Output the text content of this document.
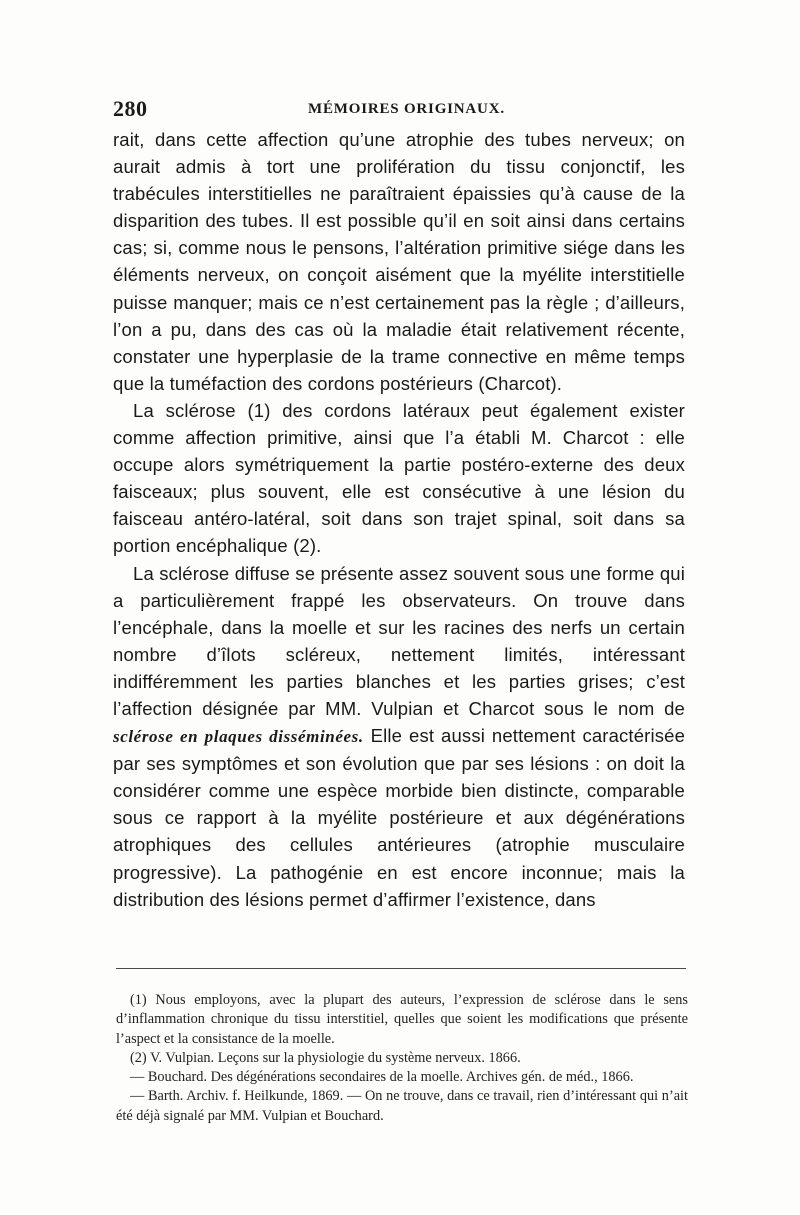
280	MÉMOIRES ORIGINAUX.

rait, dans cette affection qu’une atrophie des tubes nerveux; on aurait admis à tort une prolifération du tissu conjonctif, les trabécules interstitielles ne paraîtraient épaissies qu’à cause de la disparition des tubes. Il est possible qu’il en soit ainsi dans certains cas; si, comme nous le pensons, l’altération primitive siége dans les éléments nerveux, on conçoit aisément que la myélite interstitielle puisse manquer; mais ce n’est certainement pas la règle ; d’ailleurs, l’on a pu, dans des cas où la maladie était relativement récente, constater une hyperplasie de la trame connective en même temps que la tuméfaction des cordons postérieurs (Charcot).

La sclérose (1) des cordons latéraux peut également exister comme affection primitive, ainsi que l’a établi M. Charcot : elle occupe alors symétriquement la partie postéro-externe des deux faisceaux; plus souvent, elle est consécutive à une lésion du faisceau antéro-latéral, soit dans son trajet spinal, soit dans sa portion encéphalique (2).

La sclérose diffuse se présente assez souvent sous une forme qui a particulièrement frappé les observateurs. On trouve dans l’encéphale, dans la moelle et sur les racines des nerfs un certain nombre d’îlots scléreux, nettement limités, intéressant indifféremment les parties blanches et les parties grises; c’est l’affection désignée par MM. Vulpian et Charcot sous le nom de sclérose en plaques disséminées. Elle est aussi nettement caractérisée par ses symptômes et son évolution que par ses lésions : on doit la considérer comme une espèce morbide bien distincte, comparable sous ce rapport à la myélite postérieure et aux dégénérations atrophiques des cellules antérieures (atrophie musculaire progressive). La pathogénie en est encore inconnue; mais la distribution des lésions permet d’affirmer l’existence, dans

(1) Nous employons, avec la plupart des auteurs, l’expression de sclérose dans le sens d’inflammation chronique du tissu interstitiel, quelles que soient les modifications que présente l’aspect et la consistance de la moelle.

(2) V. Vulpian. Leçons sur la physiologie du système nerveux. 1866.

— Bouchard. Des dégénérations secondaires de la moelle. Archives gén. de méd., 1866.

— Barth. Archiv. f. Heilkunde, 1869. — On ne trouve, dans ce travail, rien d’intéressant qui n’ait été déjà signalé par MM. Vulpian et Bouchard.
